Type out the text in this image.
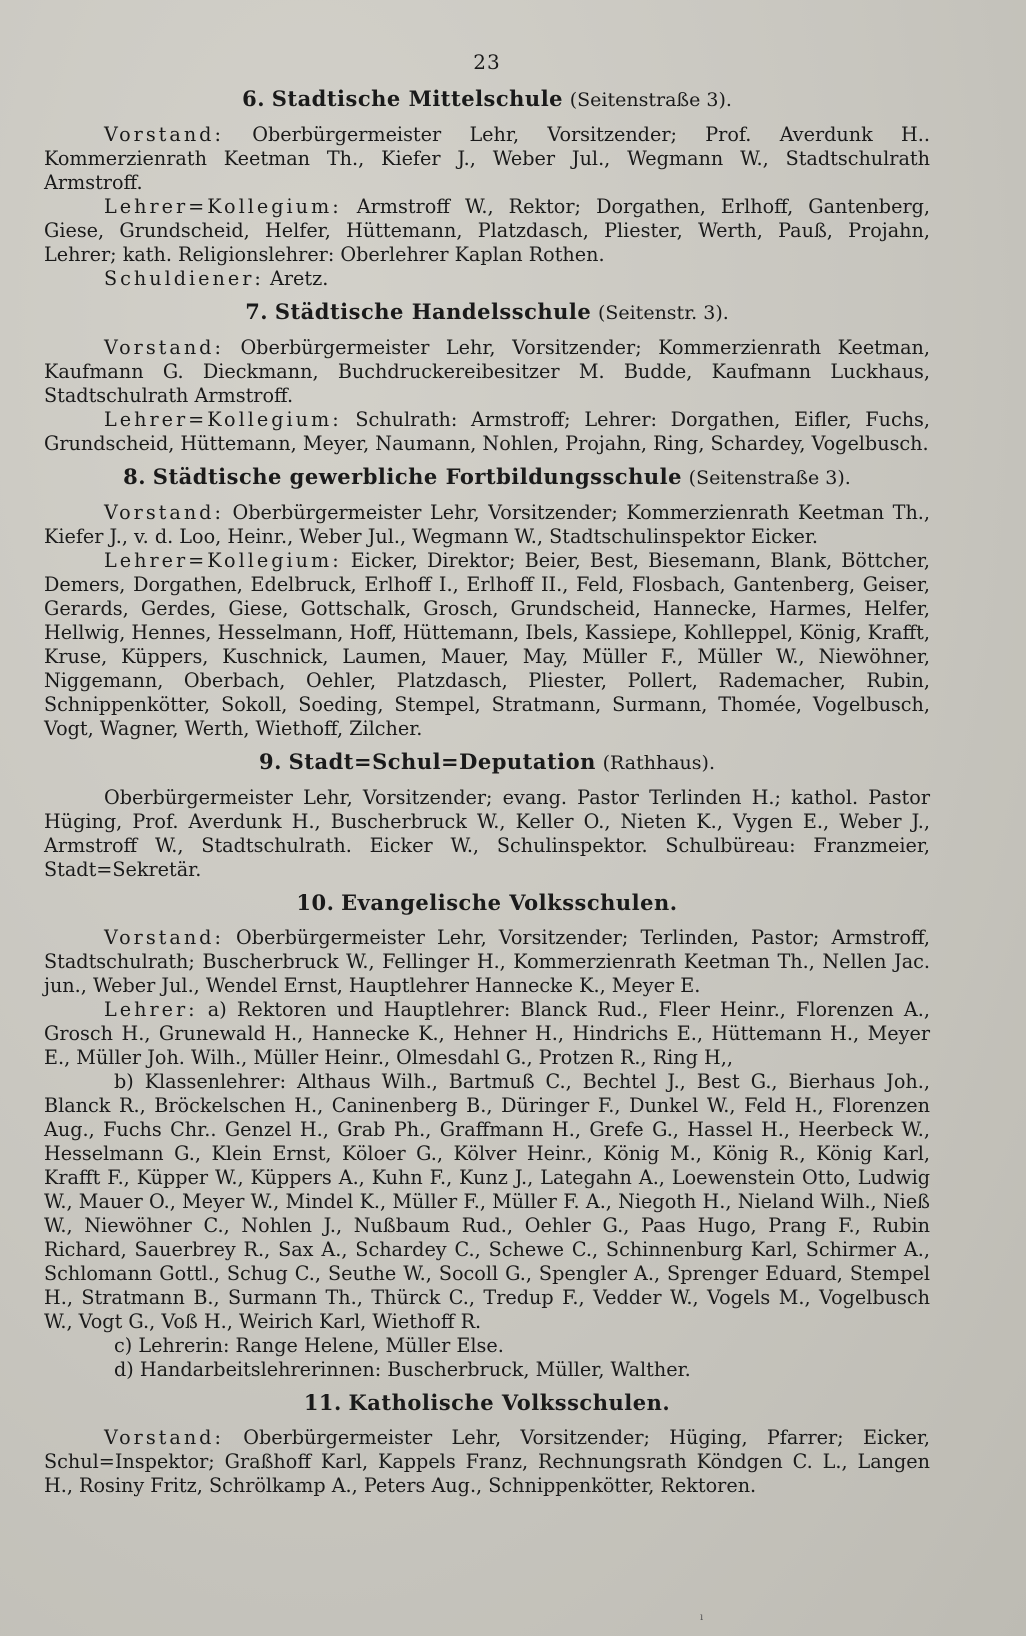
23
6. Stadtische Mittelschule (Seitenstraße 3).

Vorstand: Oberbürgermeister Lehr, Vorsitzender; Prof. Averdunk H.. Kommerzienrath Keetman Th., Kiefer J., Weber Jul., Wegmann W., Stadtschulrath Armstroff.

Lehrer=Kollegium: Armstroff W., Rektor; Dorgathen, Erlhoff, Gantenberg, Giese, Grundscheid, Helfer, Hüttemann, Platzdasch, Pliester, Werth, Pauß, Projahn, Lehrer; kath. Religionslehrer: Oberlehrer Kaplan Rothen.

Schuldiener: Aretz.

7. Städtische Handelsschule (Seitenstr. 3).

Vorstand: Oberbürgermeister Lehr, Vorsitzender; Kommerzienrath Keetman, Kaufmann G. Dieckmann, Buchdruckereibesitzer M. Budde, Kaufmann Luckhaus, Stadtschulrath Armstroff.

Lehrer=Kollegium: Schulrath: Armstroff; Lehrer: Dorgathen, Eifler, Fuchs, Grundscheid, Hüttemann, Meyer, Naumann, Nohlen, Projahn, Ring, Schardey, Vogelbusch.

8. Städtische gewerbliche Fortbildungsschule (Seitenstraße 3).

Vorstand: Oberbürgermeister Lehr, Vorsitzender; Kommerzienrath Keetman Th., Kiefer J., v. d. Loo, Heinr., Weber Jul., Wegmann W., Stadtschulinspektor Eicker.

Lehrer=Kollegium: Eicker, Direktor; Beier, Best, Biesemann, Blank, Böttcher, Demers, Dorgathen, Edelbruck, Erlhoff I., Erlhoff II., Feld, Flosbach, Gantenberg, Geiser, Gerards, Gerdes, Giese, Gottschalk, Grosch, Grundscheid, Hannecke, Harmes, Helfer, Hellwig, Hennes, Hesselmann, Hoff, Hüttemann, Ibels, Kassiepe, Kohlleppel, König, Krafft, Kruse, Küppers, Kuschnick, Laumen, Mauer, May, Müller F., Müller W., Niewöhner, Niggemann, Oberbach, Oehler, Platzdasch, Pliester, Pollert, Rademacher, Rubin, Schnippenkötter, Sokoll, Soeding, Stempel, Stratmann, Surmann, Thomée, Vogelbusch, Vogt, Wagner, Werth, Wiethoff, Zilcher.

9. Stadt=Schul=Deputation (Rathhaus).

Oberbürgermeister Lehr, Vorsitzender; evang. Pastor Terlinden H.; kathol. Pastor Hüging, Prof. Averdunk H., Buscherbruck W., Keller O., Nieten K., Vygen E., Weber J., Armstroff W., Stadtschulrath. Eicker W., Schulinspektor. Schulbüreau: Franzmeier, Stadt=Sekretär.

10. Evangelische Volksschulen.

Vorstand: Oberbürgermeister Lehr, Vorsitzender; Terlinden, Pastor; Armstroff, Stadtschulrath; Buscherbruck W., Fellinger H., Kommerzienrath Keetman Th., Nellen Jac. jun., Weber Jul., Wendel Ernst, Hauptlehrer Hannecke K., Meyer E.

Lehrer: a) Rektoren und Hauptlehrer: Blanck Rud., Fleer Heinr., Florenzen A., Grosch H., Grunewald H., Hannecke K., Hehner H., Hindrichs E., Hüttemann H., Meyer E., Müller Joh. Wilh., Müller Heinr., Olmesdahl G., Protzen R., Ring H,,

b) Klassenlehrer: Althaus Wilh., Bartmuß C., Bechtel J., Best G., Bierhaus Joh., Blanck R., Bröckelschen H., Caninenberg B., Düringer F., Dunkel W., Feld H., Florenzen Aug., Fuchs Chr.. Genzel H., Grab Ph., Graffmann H., Grefe G., Hassel H., Heerbeck W., Hesselmann G., Klein Ernst, Köloer G., Kölver Heinr., König M., König R., König Karl, Krafft F., Küpper W., Küppers A., Kuhn F., Kunz J., Lategahn A., Loewenstein Otto, Ludwig W., Mauer O., Meyer W., Mindel K., Müller F., Müller F. A., Niegoth H., Nieland Wilh., Nieß W., Niewöhner C., Nohlen J., Nußbaum Rud., Oehler G., Paas Hugo, Prang F., Rubin Richard, Sauerbrey R., Sax A., Schardey C., Schewe C., Schinnenburg Karl, Schirmer A., Schlomann Gottl., Schug C., Seuthe W., Socoll G., Spengler A., Sprenger Eduard, Stempel H., Stratmann B., Surmann Th., Thürck C., Tredup F., Vedder W., Vogels M., Vogelbusch W., Vogt G., Voß H., Weirich Karl, Wiethoff R.

c) Lehrerin: Range Helene, Müller Else.

d) Handarbeitslehrerinnen: Buscherbruck, Müller, Walther.

11. Katholische Volksschulen.

Vorstand: Oberbürgermeister Lehr, Vorsitzender; Hüging, Pfarrer; Eicker, Schul=Inspektor; Graßhoff Karl, Kappels Franz, Rechnungsrath Köndgen C. L., Langen H., Rosiny Fritz, Schrölkamp A., Peters Aug., Schnippenkötter, Rektoren.

ı
